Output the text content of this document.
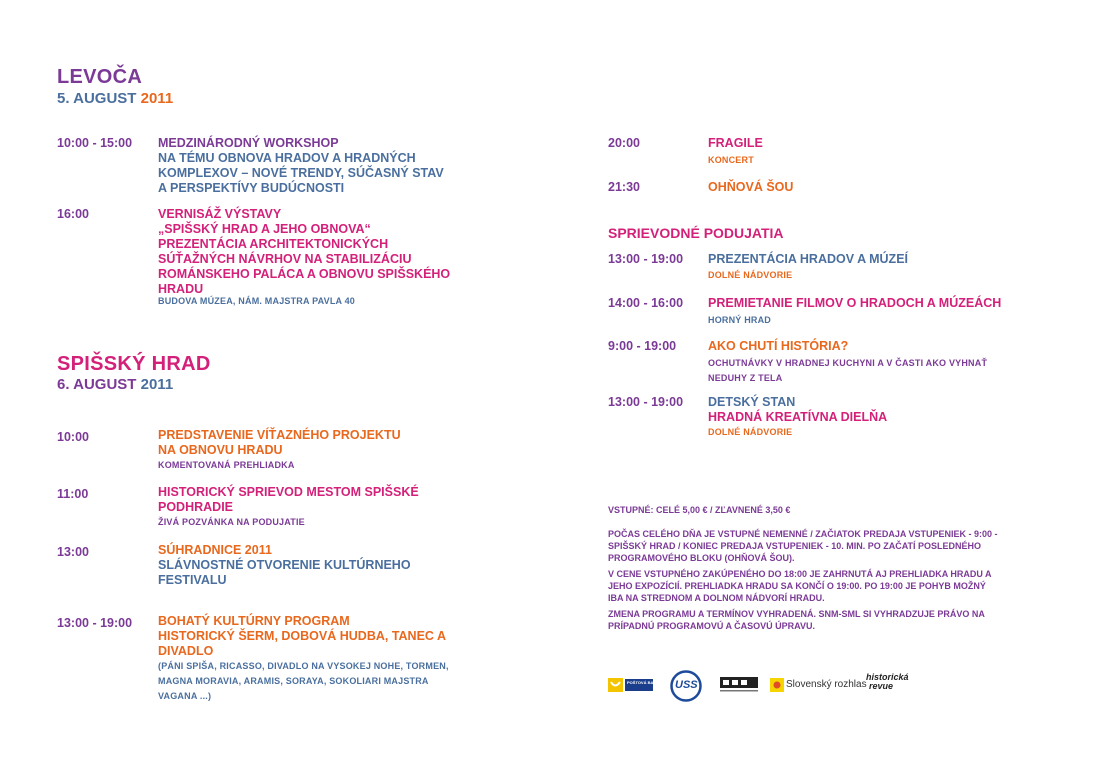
LEVOČA
5. AUGUST 2011
10:00 - 15:00 MEDZINÁRODNÝ WORKSHOP
NA TÉMU OBNOVA HRADOV A HRADNÝCH
KOMPLEXOV – NOVÉ TRENDY, SÚČASNÝ STAV
A PERSPEKTÍVY BUDÚCNOSTI
16:00	VERNISÁŽ VÝSTAVY
„SPIŠSKÝ HRAD A JEHO OBNOVA“
PREZENTÁCIA ARCHITEKTONICKÝCH
SÚŤAŽNÝCH NÁVRHOV NA STABILIZÁCIU
ROMÁNSKEHO PALÁCA A OBNOVU SPIŠSKÉHO
HRADU
BUDOVA MÚZEA, NÁM. MAJSTRA PAVLA 40
SPIŠSKÝ HRAD
6. AUGUST 2011
10:00	PREDSTAVENIE VÍŤAZNÉHO PROJEKTU
NA OBNOVU HRADU
KOMENTOVANÁ PREHLIADKA
11:00	HISTORICKÝ SPRIEVOD MESTOM SPIŠSKÉ
PODHRADIE
ŽIVÁ POZVÁNKA NA PODUJATIE
13:00	SÚHRADNICE 2011
SLÁVNOSTNÉ OTVORENIE KULTÚRNEHO
FESTIVALU
13:00 - 19:00 BOHATÝ KULTÚRNY PROGRAM
HISTORICKÝ ŠERM, DOBOVÁ HUDBA, TANEC A
DIVADLO
(PÁNI SPIŠA, RICASSO, DIVADLO NA VYSOKEJ NOHE, TORMEN,
MAGNA MORAVIA, ARAMIS, SORAYA, SOKOLIARI MAJSTRA
VAGANA ...)
20:00	FRAGILE
KONCERT
21:30	OHŇOVÁ ŠOU
SPRIEVODNÉ PODUJATIA
13:00 - 19:00 PREZENTÁCIA HRADOV A MÚZEÍ
DOLNÉ NÁDVORIE
14:00 - 16:00 PREMIETANIE FILMOV O HRADOCH A MÚZEÁCH
HORNÝ HRAD
9:00 - 19:00	AKO CHUTÍ HISTÓRIA?
OCHUTNÁVKY V HRADNEJ KUCHYNI A V ČASTI AKO VYHNAŤ
NEDUHY Z TELA
13:00 - 19:00 DETSKÝ STAN
HRADNÁ KREATÍVNA DIELŇA
DOLNÉ NÁDVORIE
VSTUPNÉ: CELÉ 5,00 € / ZĽAVNENÉ 3,50 €
POČAS CELÉHO DŇA JE VSTUPNÉ NEMENNÉ / ZAČIATOK PREDAJA VSTUPENIEK - 9:00 -
SPIŠSKÝ HRAD / KONIEC PREDAJA VSTUPENIEK - 10. MIN. PO ZAČATÍ POSLEDNÉHO
PROGRAMOVÉHO BLOKU (OHŇOVÁ ŠOU).
V CENE VSTUPNÉHO ZAKÚPENÉHO DO 18:00 JE ZAHRNUTÁ AJ PREHLIADKA HRADU A
JEHO EXPOZÍCIÍ. PREHLIADKA HRADU SA KONČÍ O 19:00. PO 19:00 JE POHYB MOŽNÝ
IBA NA STREDNOM A DOLNOM NÁDVORÍ HRADU.
ZMENA PROGRAMU A TERMÍNOV VYHRADENÁ. SNM-SML SI VYHRADZUJE PRÁVO NA
PRÍPADNÚ PROGRAMOVÚ A ČASOVÚ ÚPRAVU.
POŠTOVÁ BANKA USS	Slovenský rozhlas
historická
revue
